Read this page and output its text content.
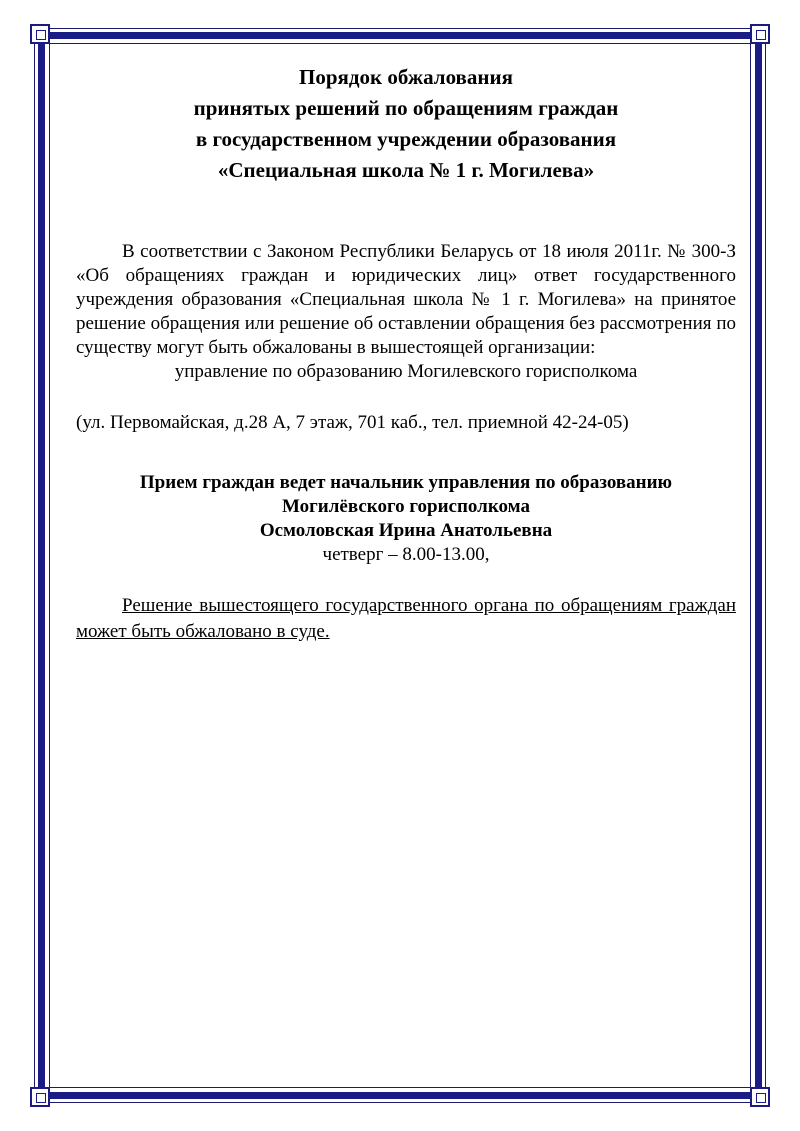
Порядок обжалования
принятых решений по обращениям граждан
в государственном учреждении образования
«Специальная школа № 1 г. Могилева»

В соответствии с Законом Республики Беларусь от 18 июля 2011г. № 300-З «Об обращениях граждан и юридических лиц» ответ государственного учреждения образования «Специальная школа № 1 г. Могилева» на принятое решение обращения или решение об оставлении обращения без рассмотрения по существу могут быть обжалованы в вышестоящей организации:

управление по образованию Могилевского горисполкома

(ул. Первомайская, д.28 А, 7 этаж, 701 каб., тел. приемной 42-24-05)

Прием граждан ведет начальник управления по образованию
Могилёвского горисполкома
Осмоловская Ирина Анатольевна
четверг – 8.00-13.00,

Решение вышестоящего государственного органа по обращениям граждан может быть обжаловано в суде.
